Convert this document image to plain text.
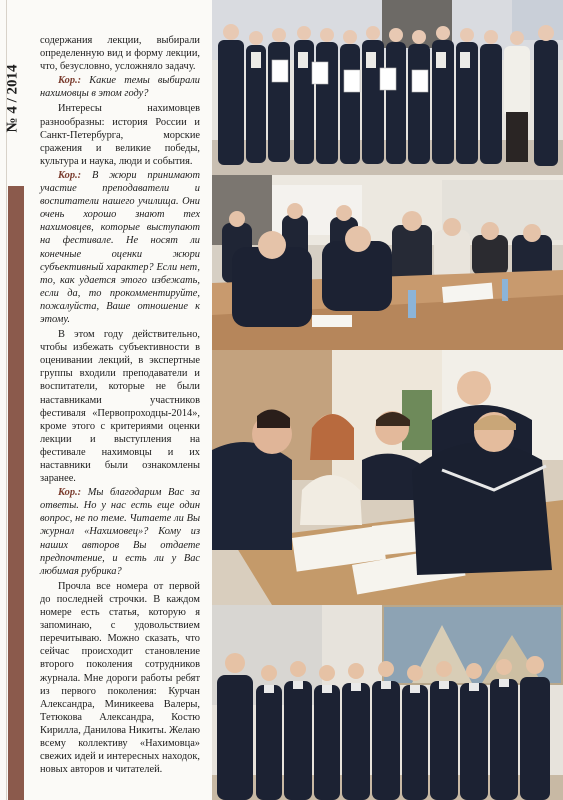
№ 4 / 2014

содержания лекции, выбирали определенную вид и форму лекции, что, безусловно, усложняло задачу.

Кор.: Какие темы выбирали нахимовцы в этом году?

Интересы нахимовцев разнообразны: история России и Санкт-Петербурга, морские сражения и великие победы, культура и наука, люди и события.

Кор.: В жюри принимают участие преподаватели и воспитатели нашего училища. Они очень хорошо знают тех нахимовцев, которые выступают на фестивале. Не носят ли конечные оценки жюри субъективный характер? Если нет, то, как удается этого избежать, если да, то прокомментируйте, пожалуйста, Ваше отношение к этому.

В этом году действительно, чтобы избежать субъективности в оценивании лекций, в экспертные группы входили преподаватели и воспитатели, которые не были наставниками участников фестиваля «Первопроходцы-2014», кроме этого с критериями оценки лекции и выступления на фестивале нахимовцы и их наставники были ознакомлены заранее.

Кор.: Мы благодарим Вас за ответы. Но у нас есть еще один вопрос, не по теме. Читаете ли Вы журнал «Нахимовец»? Кому из наших авторов Вы отдаете предпочтение, и есть ли у Вас любимая рубрика?

Прочла все номера от первой до последней строчки. В каждом номере есть статья, которую я запоминаю, с удовольствием перечитываю. Можно сказать, что сейчас происходит становление второго поколения сотрудников журнала. Мне дороги работы ребят из первого поколения: Курчан Александра, Миникеева Валеры, Тетюкова Александра, Костю Кирилла, Данилова Никиты. Желаю всему коллективу «Нахимовца» свежих идей и интересных находок, новых авторов и читателей.
